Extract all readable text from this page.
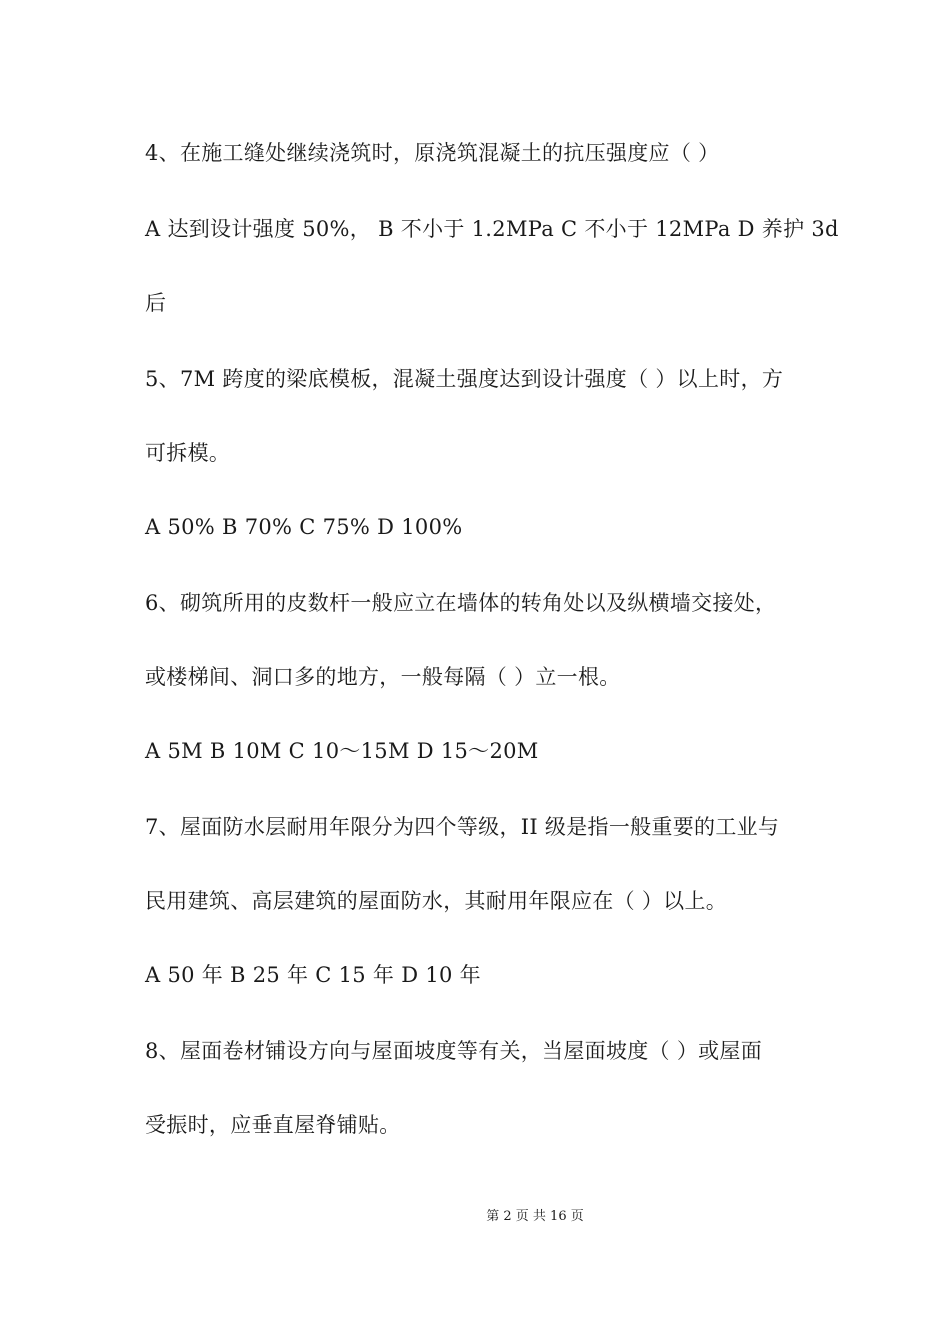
4、在施工缝处继续浇筑时，原浇筑混凝土的抗压强度应（ ）
A 达到设计强度 50%， B 不小于 1.2MPa C 不小于 12MPa D 养护 3d
后
5、7M 跨度的梁底模板，混凝土强度达到设计强度（ ）以上时，方
可拆模。
A 50% B 70% C 75% D 100%
6、砌筑所用的皮数杆一般应立在墙体的转角处以及纵横墙交接处，
或楼梯间、洞口多的地方，一般每隔（ ）立一根。
A 5M B 10M C 10～15M D 15～20M
7、屋面防水层耐用年限分为四个等级，II 级是指一般重要的工业与
民用建筑、高层建筑的屋面防水，其耐用年限应在（ ）以上。
A 50 年 B 25 年 C 15 年 D 10 年
8、屋面卷材铺设方向与屋面坡度等有关，当屋面坡度（ ）或屋面
受振时，应垂直屋脊铺贴。
第 2 页 共 16 页
